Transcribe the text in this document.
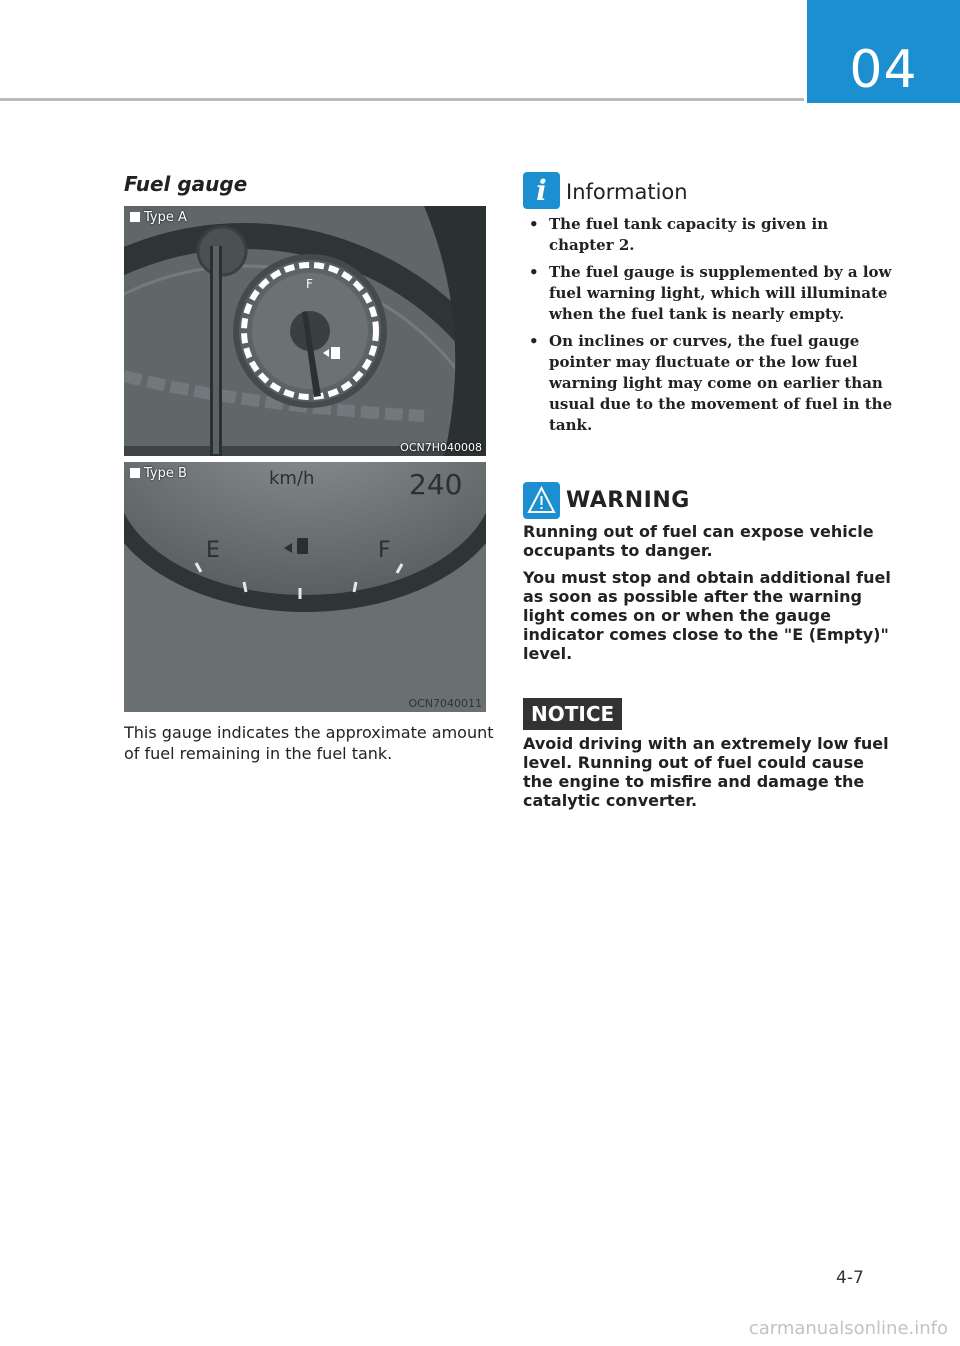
04
Fuel gauge
F
Type A
OCN7H040008
km/h	240
E	F
Type B
OCN7040011
This gauge indicates the approximate amount of fuel remaining in the fuel tank.
i Information
• The fuel tank capacity is given in chapter 2.
• The fuel gauge is supplemented by a low fuel warning light, which will illuminate when the fuel tank is nearly empty.
• On inclines or curves, the fuel gauge pointer may fluctuate or the low fuel warning light may come on earlier than usual due to the movement of fuel in the tank.
WARNING

Running out of fuel can expose vehicle occupants to danger.

You must stop and obtain additional fuel as soon as possible after the warning light comes on or when the gauge indicator comes close to the "E (Empty)" level.

NOTICE
Avoid driving with an extremely low fuel level. Running out of fuel could cause the engine to misfire and damage the catalytic converter.
4-7
carmanualsonline.info
